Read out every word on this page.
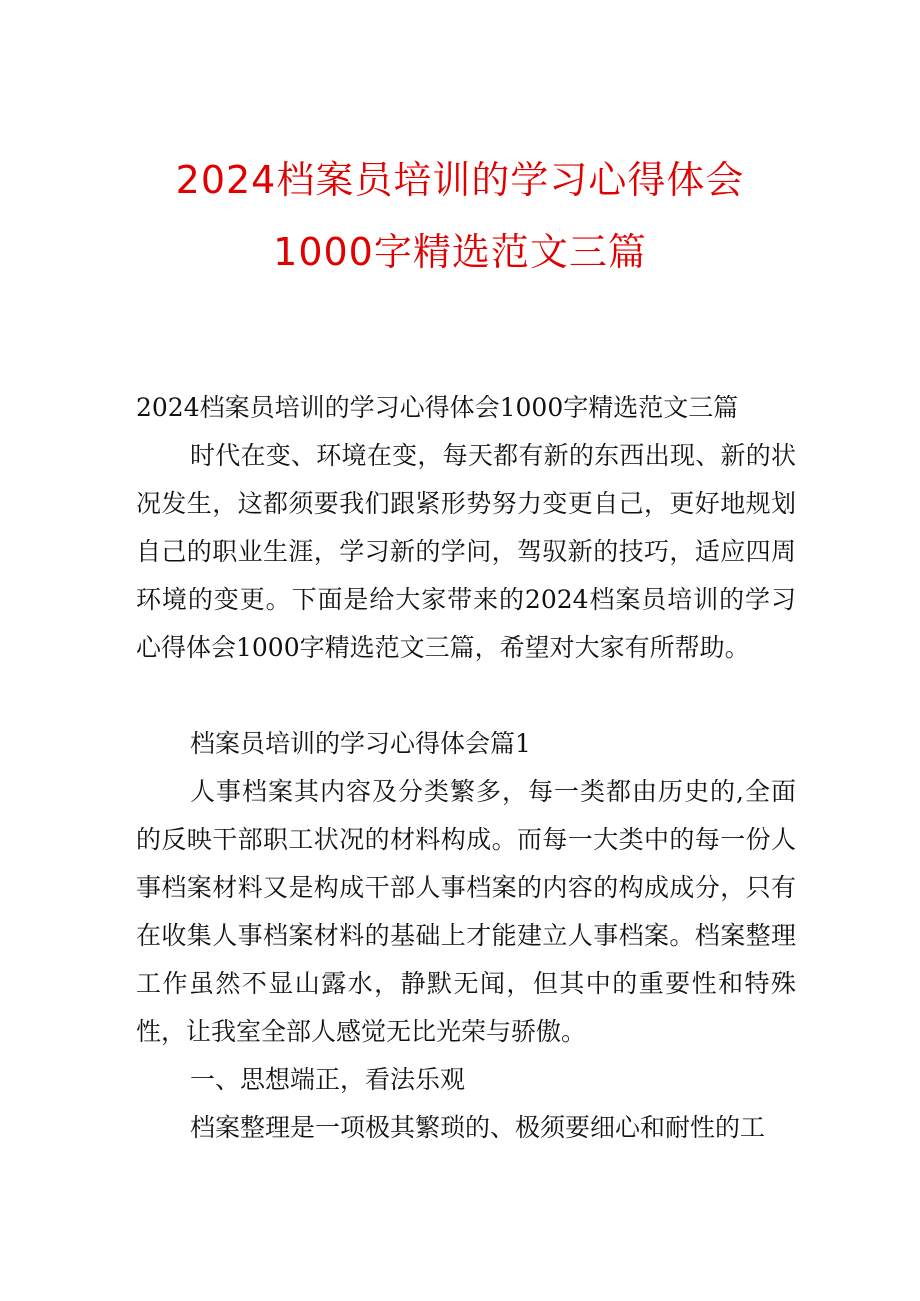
2024档案员培训的学习心得体会
1000字精选范文三篇

2024档案员培训的学习心得体会1000字精选范文三篇

时代在变、环境在变，每天都有新的东西出现、新的状况发生，这都须要我们跟紧形势努力变更自己，更好地规划自己的职业生涯，学习新的学问，驾驭新的技巧，适应四周环境的变更。下面是给大家带来的2024档案员培训的学习心得体会1000字精选范文三篇，希望对大家有所帮助。

档案员培训的学习心得体会篇1

人事档案其内容及分类繁多，每一类都由历史的,全面的反映干部职工状况的材料构成。而每一大类中的每一份人事档案材料又是构成干部人事档案的内容的构成成分，只有在收集人事档案材料的基础上才能建立人事档案。档案整理工作虽然不显山露水，静默无闻，但其中的重要性和特殊性，让我室全部人感觉无比光荣与骄傲。

一、思想端正，看法乐观

档案整理是一项极其繁琐的、极须要细心和耐性的工
